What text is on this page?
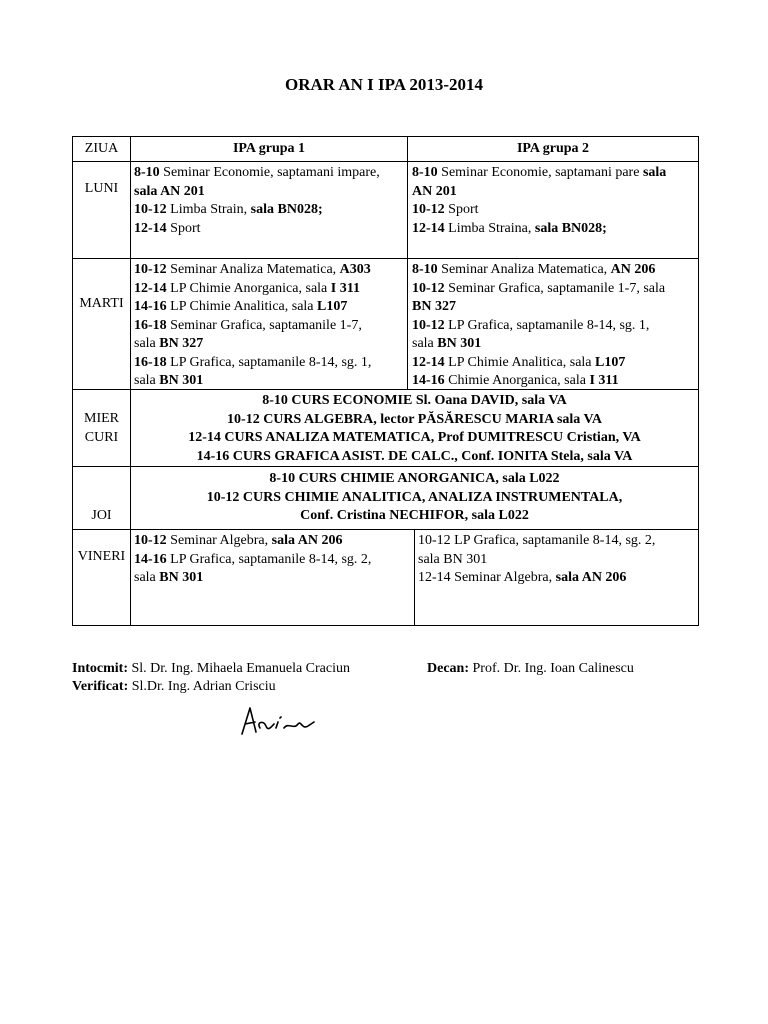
ORAR AN I IPA 2013-2014
ZIUA	IPA grupa 1	IPA grupa 2
LUNI
8-10 Seminar Economie, saptamani impare,
sala AN 201
10-12 Limba Strain, sala BN028;
12-14 Sport
8-10 Seminar Economie, saptamani pare sala
AN 201
10-12 Sport
12-14 Limba Straina, sala BN028;
MARTI
10-12 Seminar Analiza Matematica, A303
12-14 LP Chimie Anorganica, sala I 311
14-16 LP Chimie Analitica, sala L107
16-18 Seminar Grafica, saptamanile 1-7,
sala BN 327
16-18 LP Grafica, saptamanile 8-14, sg. 1,
sala BN 301
8-10 Seminar Analiza Matematica, AN 206
10-12 Seminar Grafica, saptamanile 1-7, sala
BN 327
10-12 LP Grafica, saptamanile 8-14, sg. 1,
sala BN 301
12-14 LP Chimie Analitica, sala L107
14-16 Chimie Anorganica, sala I 311
MIER
CURI
8-10 CURS ECONOMIE Sl. Oana DAVID, sala VA
10-12 CURS ALGEBRA, lector PĂSĂRESCU MARIA sala VA
12-14 CURS ANALIZA MATEMATICA, Prof DUMITRESCU Cristian, VA
14-16 CURS GRAFICA ASIST. DE CALC., Conf. IONITA Stela, sala VA
JOI
8-10 CURS CHIMIE ANORGANICA, sala L022
10-12 CURS CHIMIE ANALITICA, ANALIZA INSTRUMENTALA,
Conf. Cristina NECHIFOR, sala L022
VINERI
10-12 Seminar Algebra, sala AN 206
14-16 LP Grafica, saptamanile 8-14, sg. 2,
sala BN 301
10-12 LP Grafica, saptamanile 8-14, sg. 2,
sala BN 301
12-14 Seminar Algebra, sala AN 206
Intocmit: Sl. Dr. Ing. Mihaela Emanuela Craciun
Verificat: Sl.Dr. Ing. Adrian Crisciu
Decan: Prof. Dr. Ing. Ioan Calinescu
